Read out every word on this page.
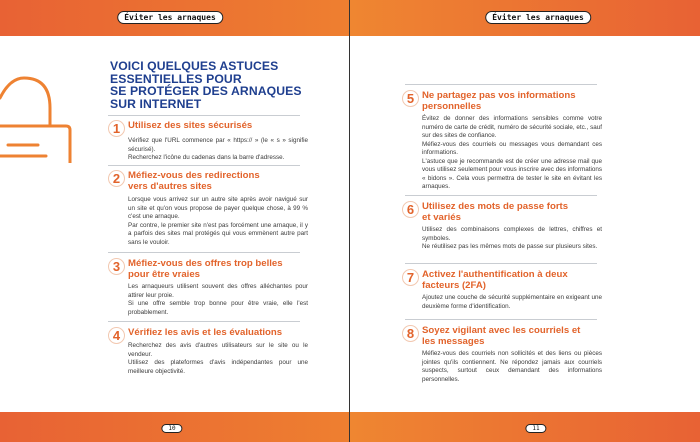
Éviter les arnaques
VOICI QUELQUES ASTUCES
ESSENTIELLES POUR
SE PROTÉGER DES ARNAQUES
SUR INTERNET
1 Utilisez des sites sécurisés

Vérifiez que l'URL commence par « https:// » (le « s » signifie sécurisé).

Recherchez l'icône du cadenas dans la barre d'adresse.

2 Méfiez-vous des redirections vers d'autres sites

Lorsque vous arrivez sur un autre site après avoir navigué sur un site et qu'on vous propose de payer quelque chose, à 99 % c'est une arnaque.

Par contre, le premier site n'est pas forcément une arnaque, il y a parfois des sites mal protégés qui vous emmènent autre part sans le vouloir.

3 Méfiez-vous des offres trop belles pour être vraies

Les arnaqueurs utilisent souvent des offres alléchantes pour attirer leur proie.

Si une offre semble trop bonne pour être vraie, elle l'est probablement.

4 Vérifiez les avis et les évaluations

Recherchez des avis d'autres utilisateurs sur le site ou le vendeur.

Utilisez des plateformes d'avis indépendantes pour une meilleure objectivité.

10
Éviter les arnaques
5 Ne partagez pas vos informations personnelles

Évitez de donner des informations sensibles comme votre numéro de carte de crédit, numéro de sécurité sociale, etc., sauf sur des sites de confiance.

Méfiez-vous des courriels ou messages vous demandant ces informations.

L'astuce que je recommande est de créer une adresse mail que vous utilisez seulement pour vous inscrire avec des informations « bidons ». Cela vous permettra de tester le site en évitant les arnaques.

6 Utilisez des mots de passe forts et variés

Utilisez des combinaisons complexes de lettres, chiffres et symboles.

Ne réutilisez pas les mêmes mots de passe sur plusieurs sites.

7 Activez l'authentification à deux facteurs (2FA)

Ajoutez une couche de sécurité supplémentaire en exigeant une deuxième forme d'identification.

8 Soyez vigilant avec les courriels et les messages

Méfiez-vous des courriels non sollicités et des liens ou pièces jointes qu'ils contiennent. Ne répondez jamais aux courriels suspects, surtout ceux demandant des informations personnelles.

11
